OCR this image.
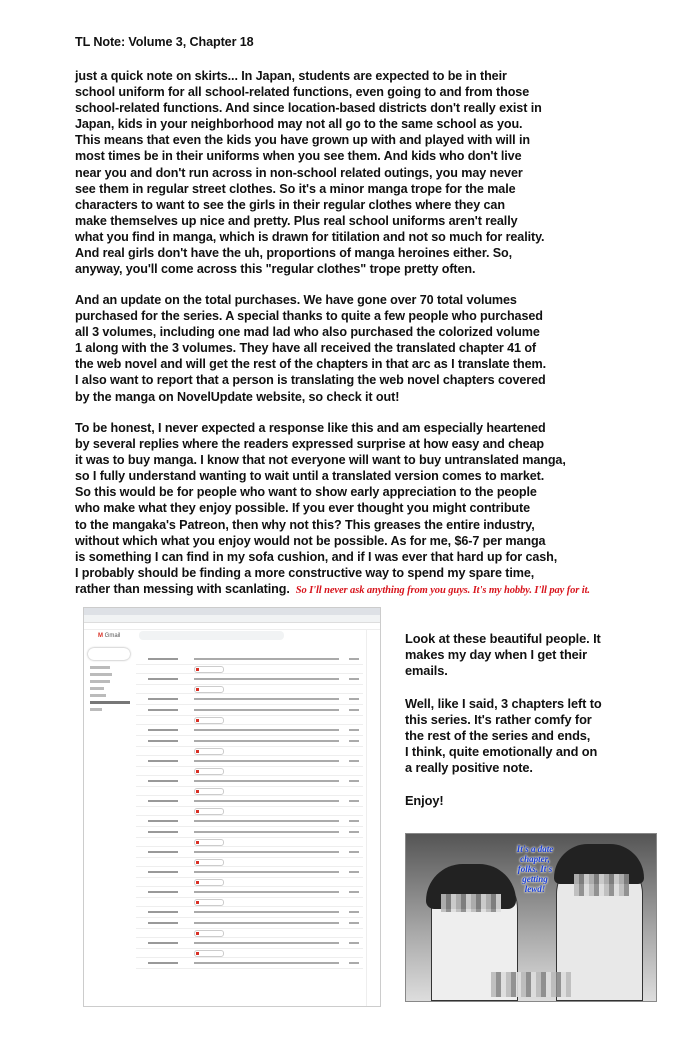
TL Note: Volume 3, Chapter 18
just a quick note on skirts... In Japan, students are expected to be in their
school uniform for all school-related functions, even going to and from those
school-related functions. And since location-based districts don't really exist in
Japan, kids in your neighborhood may not all go to the same school as you.
This means that even the kids you have grown up with and played with will in
most times be in their uniforms when you see them. And kids who don't live
near you and don't run across in non-school related outings, you may never
see them in regular street clothes. So it's a minor manga trope for the male
characters to want to see the girls in their regular clothes where they can
make themselves up nice and pretty. Plus real school uniforms aren't really
what you find in manga, which is drawn for titilation and not so much for reality.
And real girls don't have the uh, proportions of manga heroines either. So,
anyway, you'll come across this "regular clothes" trope pretty often.
And an update on the total purchases. We have gone over 70 total volumes
purchased for the series. A special thanks to quite a few people who purchased
all 3 volumes, including one mad lad who also purchased the colorized volume
1 along with the 3 volumes. They have all received the translated chapter 41 of
the web novel and will get the rest of the chapters in that arc as I translate them.
I also want to report that a person is translating the web novel chapters covered
by the manga on NovelUpdate website, so check it out!
To be honest, I never expected a response like this and am especially heartened
by several replies where the readers expressed surprise at how easy and cheap
it was to buy manga. I know that not everyone will want to buy untranslated manga,
so I fully understand wanting to wait until a translated version comes to market.
So this would be for people who want to show early appreciation to the people
who make what they enjoy possible. If you ever thought you might contribute
to the mangaka's Patreon, then why not this? This greases the entire industry,
without which what you enjoy would not be possible. As for me, $6-7 per manga
is something I can find in my sofa cushion, and if I was ever that hard up for cash,
I probably should be finding a more constructive way to spend my spare time,
rather than messing with scanlating. So I'll never ask anything from you guys. It's my hobby. I'll pay for it.
M Gmail	Look at these beautiful people. It
makes my day when I get their
emails.
Well, like I said, 3 chapters left to
this series. It's rather comfy for
the rest of the series and ends,
I think, quite emotionally and on
a really positive note.
Enjoy!
It's a date chapter, folks. It's getting lewd!
